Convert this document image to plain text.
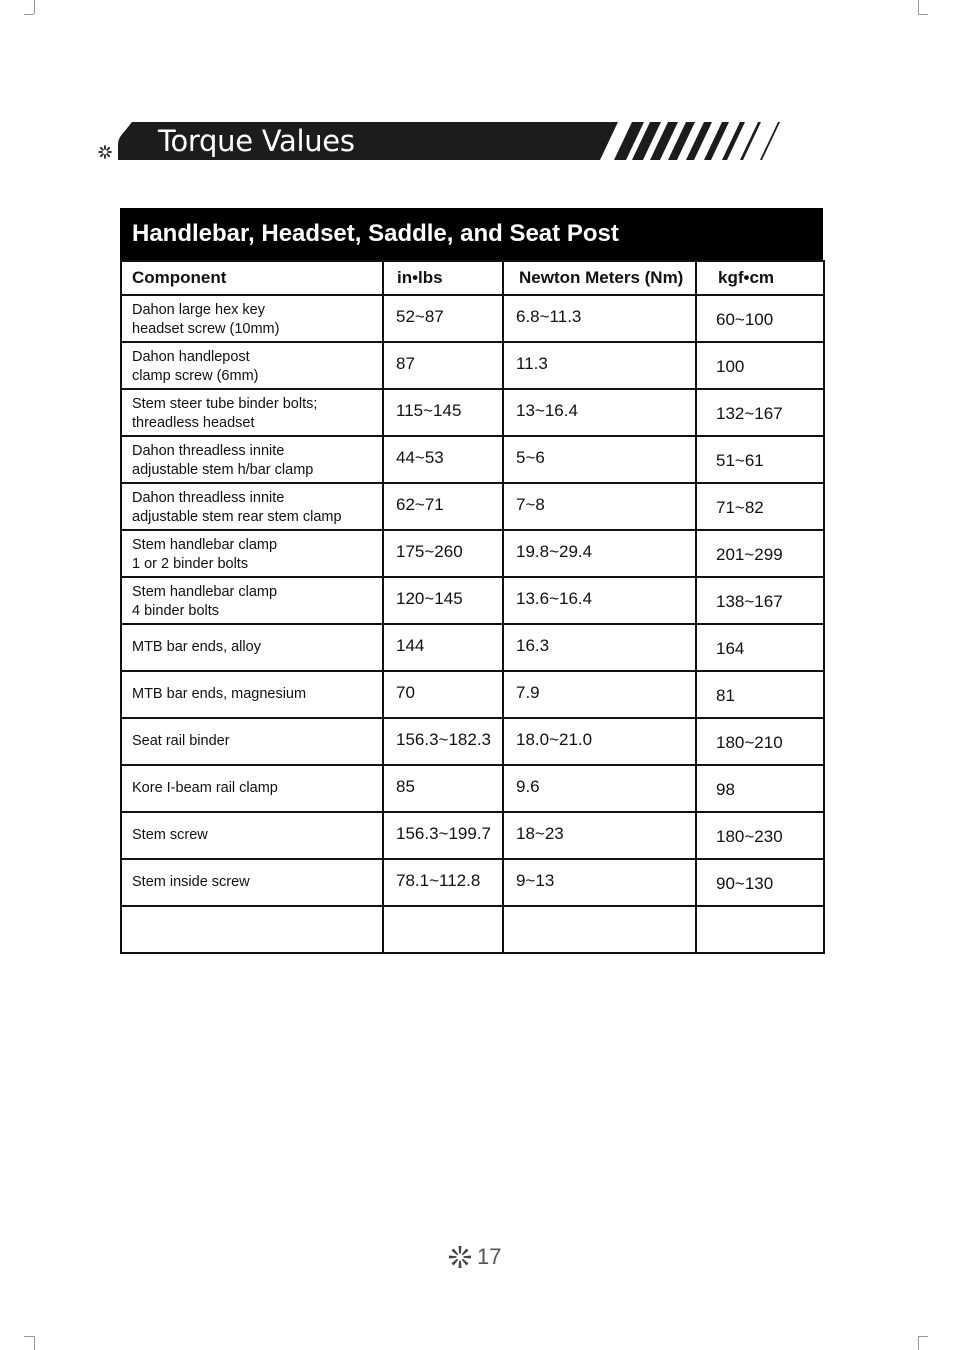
Torque Values
Handlebar, Headset, Saddle, and Seat Post
Component	in•lbs	Newton Meters (Nm)	kgf•cm

Dahon large hex key
headset screw (10mm)	52~87	6.8~11.3	60~100

Dahon handlepost
clamp screw (6mm)	87	11.3	100

Stem steer tube binder bolts;
threadless headset	115~145	13~16.4	132~167

Dahon threadless innite
adjustable stem h/bar clamp	44~53	5~6	51~61

Dahon threadless innite
adjustable stem rear stem clamp	62~71	7~8	71~82

Stem handlebar clamp
1 or 2 binder bolts	175~260	19.8~29.4	201~299

Stem handlebar clamp
4 binder bolts	120~145	13.6~16.4	138~167

MTB bar ends, alloy	144	16.3	164

MTB bar ends, magnesium	70	7.9	81

Seat rail binder	156.3~182.3	18.0~21.0	180~210

Kore I-beam rail clamp	85	9.6	98

Stem screw	156.3~199.7	18~23	180~230

Stem inside screw	78.1~112.8	9~13	90~130

17
